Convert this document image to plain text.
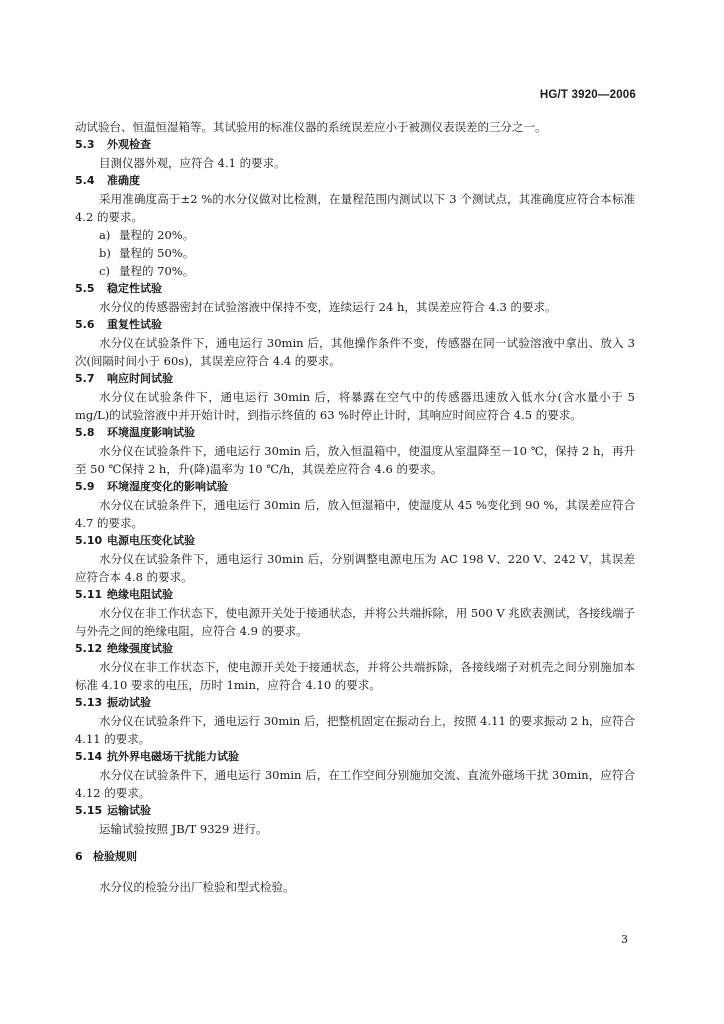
HG/T 3920—2006

动试验台、恒温恒湿箱等。其试验用的标准仪器的系统误差应小于被测仪表误差的三分之一。

5.3 外观检查

目测仪器外观，应符合 4.1 的要求。

5.4 准确度

采用准确度高于±2 %的水分仪做对比检测，在量程范围内测试以下 3 个测试点，其准确度应符合本标准 4.2 的要求。

a) 量程的 20%。
b) 量程的 50%。
c) 量程的 70%。
5.5 稳定性试验

水分仪的传感器密封在试验溶液中保持不变，连续运行 24 h，其误差应符合 4.3 的要求。

5.6 重复性试验

水分仪在试验条件下，通电运行 30min 后，其他操作条件不变，传感器在同一试验溶液中拿出、放入 3 次(间隔时间小于 60s)，其误差应符合 4.4 的要求。

5.7 响应时间试验

水分仪在试验条件下，通电运行 30min 后，将暴露在空气中的传感器迅速放入低水分(含水量小于 5 mg/L)的试验溶液中并开始计时，到指示终值的 63 %时停止计时，其响应时间应符合 4.5 的要求。

5.8 环境温度影响试验

水分仪在试验条件下，通电运行 30min 后，放入恒温箱中，使温度从室温降至－10 ℃，保持 2 h，再升至 50 ℃保持 2 h，升(降)温率为 10 ℃/h，其误差应符合 4.6 的要求。

5.9 环境湿度变化的影响试验

水分仪在试验条件下，通电运行 30min 后，放入恒湿箱中，使湿度从 45 %变化到 90 %，其误差应符合 4.7 的要求。

5.10 电源电压变化试验

水分仪在试验条件下，通电运行 30min 后，分别调整电源电压为 AC 198 V、220 V、242 V，其误差应符合本 4.8 的要求。

5.11 绝缘电阻试验

水分仪在非工作状态下，使电源开关处于接通状态，并将公共端拆除，用 500 V 兆欧表测试，各接线端子与外壳之间的绝缘电阻，应符合 4.9 的要求。

5.12 绝缘强度试验

水分仪在非工作状态下，使电源开关处于接通状态，并将公共端拆除，各接线端子对机壳之间分别施加本标准 4.10 要求的电压，历时 1min，应符合 4.10 的要求。

5.13 振动试验

水分仪在试验条件下，通电运行 30min 后，把整机固定在振动台上，按照 4.11 的要求振动 2 h，应符合 4.11 的要求。

5.14 抗外界电磁场干扰能力试验

水分仪在试验条件下，通电运行 30min 后，在工作空间分别施加交流、直流外磁场干扰 30min，应符合 4.12 的要求。

5.15 运输试验

运输试验按照 JB/T 9329 进行。

6 检验规则

水分仪的检验分出厂检验和型式检验。

3
